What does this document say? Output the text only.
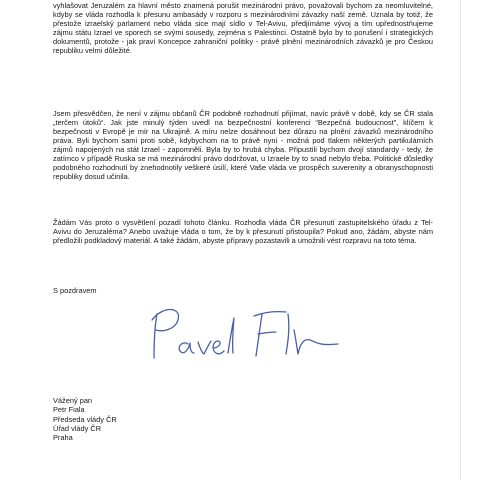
vyhlašovat Jeruzalém za hlavní město znamená porušit mezinárodní právo, považovali bychom za neomluvitelné, kdyby se vláda rozhodla k přesunu ambasády v rozporu s mezinárodními závazky naší země. Uznala by totiž, že přestože izraelský parlament nebo vláda sice mají sídlo v Tel-Avivu, předjímáme vývoj a tím upřednostňujeme zájmu státu Izrael ve sporech se svými sousedy, zejména s Palestinci. Ostatně bylo by to porušení i strategických dokumentů, protože - jak praví Koncepce zahraniční politiky - právě plnění mezinárodních závazků je pro Českou republiku velmi důležité.

Jsem přesvědčen, že není v zájmu občanů ČR podobně rozhodnutí přijímat, navíc právě v době, kdy se ČR stala „terčem útoků“. Jak jste minulý týden uvedl na bezpečnostní konferenci “Bezpečná budoucnost”, klíčem k bezpečnosti v Evropě je mír na Ukrajině. A míru nelze dosáhnout bez důrazu na plnění závazků mezinárodního práva. Byli bychom sami proti sobě, kdybychom na to právě nyní - možná pod tlakem některých partikulárních zájmů napojených na stát Izrael - zapomněli. Byla by to hrubá chyba. Připustili bychom dvojí standardy - tedy, že zatímco v případě Ruska se má mezinárodní právo dodržovat, u Izraele by to snad nebylo třeba. Politické důsledky podobného rozhodnutí by znehodnotily veškeré úsilí, které Vaše vláda ve prospěch suverenity a obranyschopnosti republiky dosud učinila.

Žádám Vás proto o vysvětlení pozadí tohoto článku. Rozhodla vláda ČR přesunutí zastupitelského úřadu z Tel-Avivu do Jeruzaléma? Anebo uvažuje vláda o tom, že by k přesunutí přistoupila? Pokud ano, žádám, abyste nám předložili podkladový materiál. A také žádám, abyste přípravy pozastavili a umožnili vést rozpravu na toto téma.

S pozdravem

Vážený pan
Petr Fiala
Předseda vlády ČR
Úřad vlády ČR
Praha
